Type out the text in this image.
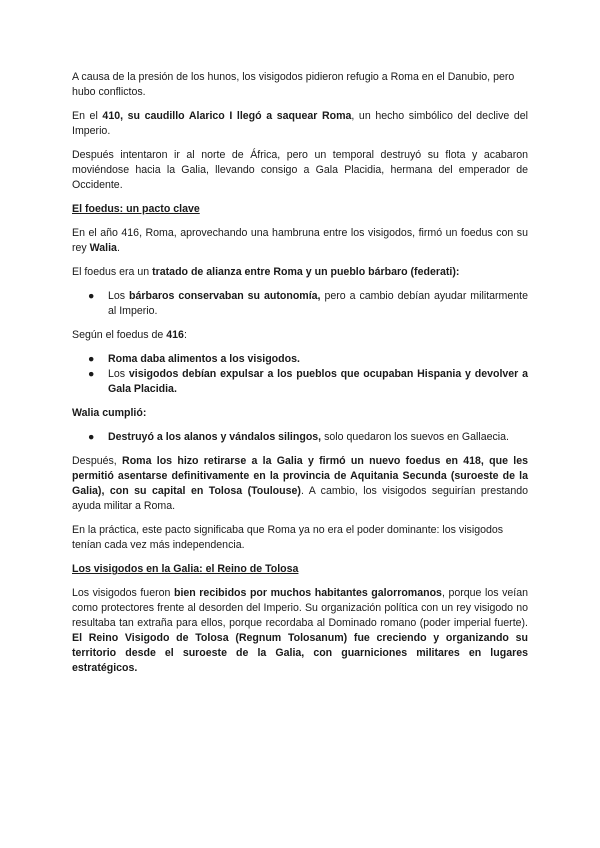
A causa de la presión de los hunos, los visigodos pidieron refugio a Roma en el Danubio, pero hubo conflictos.

En el 410, su caudillo Alarico I llegó a saquear Roma, un hecho simbólico del declive del Imperio.

Después intentaron ir al norte de África, pero un temporal destruyó su flota y acabaron moviéndose hacia la Galia, llevando consigo a Gala Placidia, hermana del emperador de Occidente.

El foedus: un pacto clave

En el año 416, Roma, aprovechando una hambruna entre los visigodos, firmó un foedus con su rey Walia.

El foedus era un tratado de alianza entre Roma y un pueblo bárbaro (federati):

● Los bárbaros conservaban su autonomía, pero a cambio debían ayudar militarmente al Imperio.

Según el foedus de 416:

● Roma daba alimentos a los visigodos.
● Los visigodos debían expulsar a los pueblos que ocupaban Hispania y devolver a Gala Placidia.

Walia cumplió:

● Destruyó a los alanos y vándalos silingos, solo quedaron los suevos en Gallaecia.

Después, Roma los hizo retirarse a la Galia y firmó un nuevo foedus en 418, que les permitió asentarse definitivamente en la provincia de Aquitania Secunda (suroeste de la Galia), con su capital en Tolosa (Toulouse). A cambio, los visigodos seguirían prestando ayuda militar a Roma.

En la práctica, este pacto significaba que Roma ya no era el poder dominante: los visigodos tenían cada vez más independencia.

Los visigodos en la Galia: el Reino de Tolosa

Los visigodos fueron bien recibidos por muchos habitantes galorromanos, porque los veían como protectores frente al desorden del Imperio. Su organización política con un rey visigodo no resultaba tan extraña para ellos, porque recordaba al Dominado romano (poder imperial fuerte). El Reino Visigodo de Tolosa (Regnum Tolosanum) fue creciendo y organizando su territorio desde el suroeste de la Galia, con guarniciones militares en lugares estratégicos.
